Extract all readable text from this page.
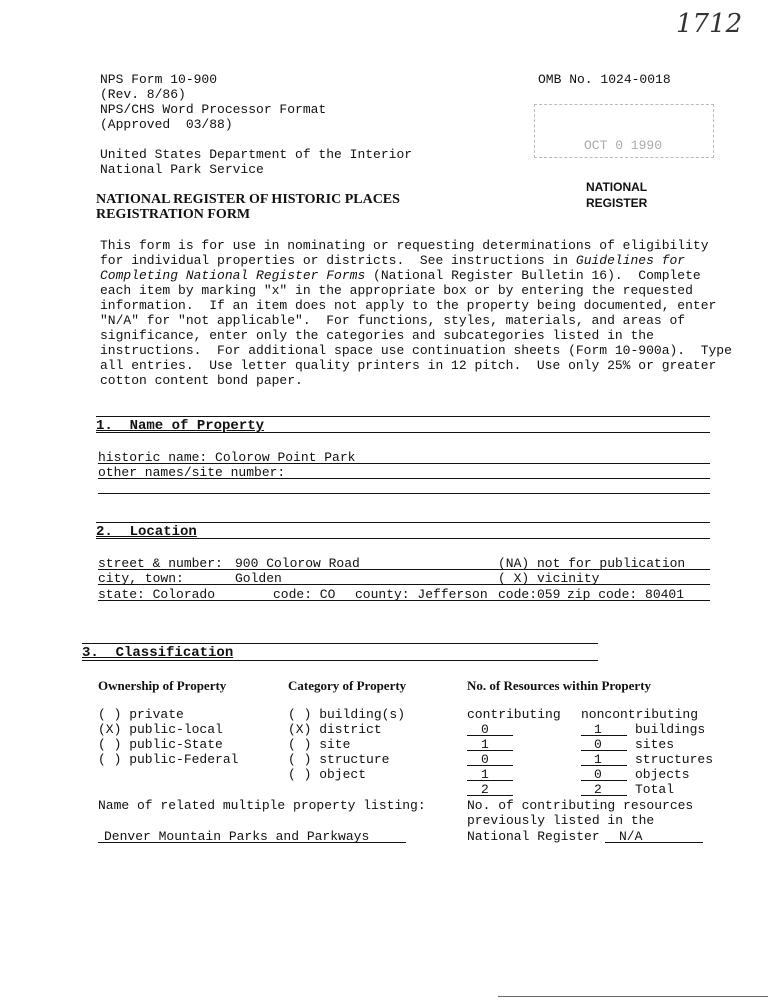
1712
NPS Form 10-900
(Rev. 8/86)
NPS/CHS Word Processor Format
(Approved  03/88)
OMB No. 1024-0018
United States Department of the Interior
National Park Service
OCT 0 1990
NATIONAL
REGISTER
NATIONAL REGISTER OF HISTORIC PLACES
REGISTRATION FORM
This form is for use in nominating or requesting determinations of eligibility
for individual properties or districts.  See instructions in Guidelines for
Completing National Register Forms (National Register Bulletin 16).  Complete
each item by marking "x" in the appropriate box or by entering the requested
information.  If an item does not apply to the property being documented, enter
"N/A" for "not applicable".  For functions, styles, materials, and areas of
significance, enter only the categories and subcategories listed in the
instructions.  For additional space use continuation sheets (Form 10-900a).  Type
all entries.  Use letter quality printers in 12 pitch.  Use only 25% or greater
cotton content bond paper.
1.  Name of Property
historic name: Colorow Point Park
other names/site number:
2.  Location
street & number: 900 Colorow Road	(NA) not for publication
city, town:	Golden	( X) vicinity
state: Colorado	code: CO county: Jefferson code:059 zip code: 80401
3.  Classification
Ownership of Property	Category of Property	No. of Resources within Property
( ) private
(X) public-local
( ) public-State
( ) public-Federal
( ) building(s)
(X) district
( ) site
( ) structure
( ) object
contributing noncontributing
0	1	buildings
1	0	sites
0	1	structures
1	0	objects
2	2	Total
Name of related multiple property listing:
Denver Mountain Parks and Parkways
No. of contributing resources
previously listed in the
National Register N/A
